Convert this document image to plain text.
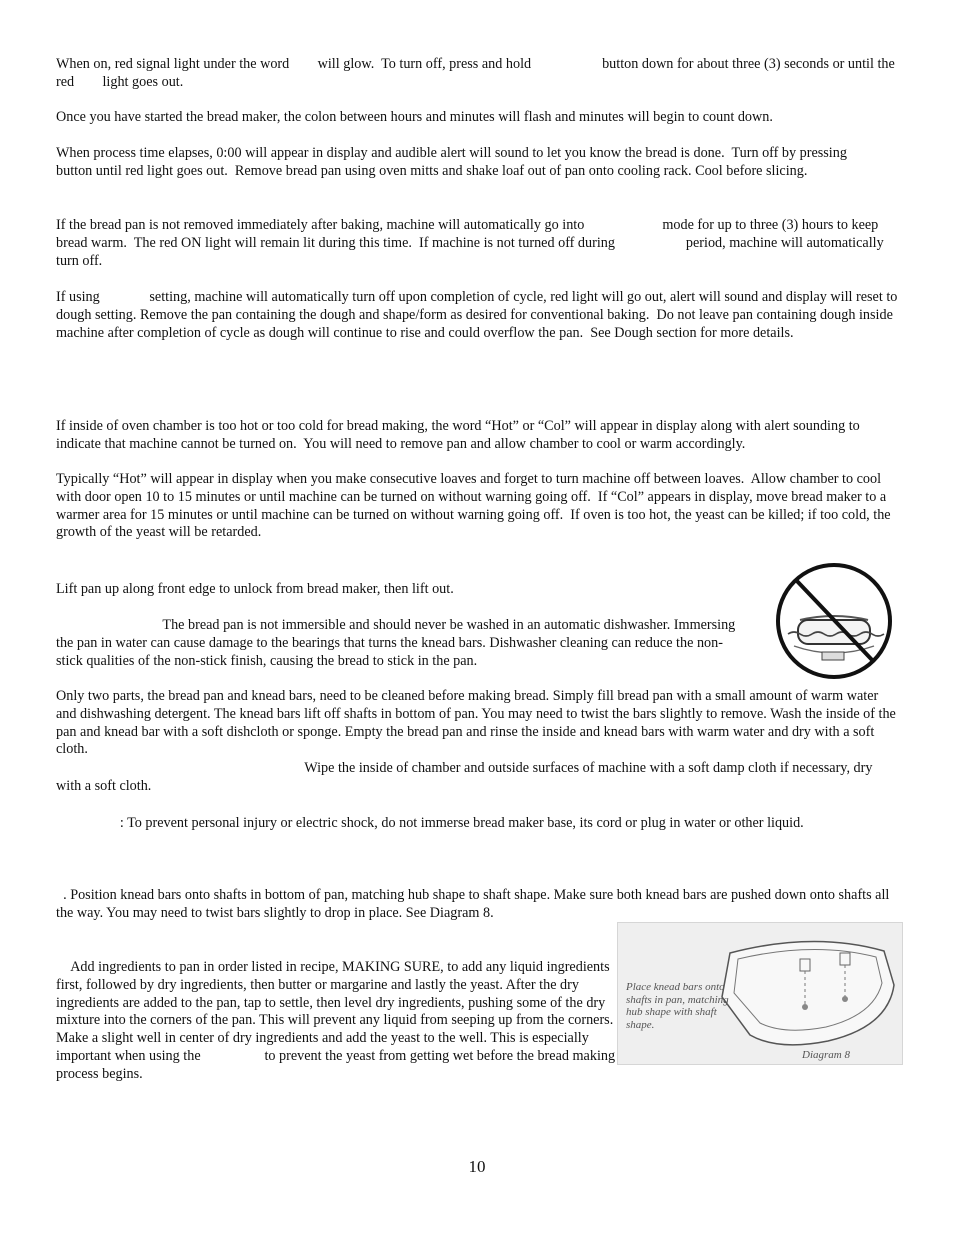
When on, red signal light under the word        will glow.  To turn off, press and hold                    button down for about three (3) seconds or until the red        light goes out.
Once you have started the bread maker, the colon between hours and minutes will flash and minutes will begin to count down.
When process time elapses, 0:00 will appear in display and audible alert will sound to let you know the bread is done.  Turn off by pressing                    button until red light goes out.  Remove bread pan using oven mitts and shake loaf out of pan onto cooling rack. Cool before slicing.
If the bread pan is not removed immediately after baking, machine will automatically go into                      mode for up to three (3) hours to keep bread warm.  The red ON light will remain lit during this time.  If machine is not turned off during                    period, machine will automatically turn off.
If using              setting, machine will automatically turn off upon completion of cycle, red light will go out, alert will sound and display will reset to dough setting. Remove the pan containing the dough and shape/form as desired for conventional baking.  Do not leave pan containing dough inside machine after completion of cycle as dough will continue to rise and could overflow the pan.  See Dough section for more details.
If inside of oven chamber is too hot or too cold for bread making, the word “Hot” or “Col” will appear in display along with alert sounding to indicate that machine cannot be turned on.  You will need to remove pan and allow chamber to cool or warm accordingly.
Typically “Hot” will appear in display when you make consecutive loaves and forget to turn machine off between loaves.  Allow chamber to cool with door open 10 to 15 minutes or until machine can be turned on without warning going off.  If “Col” appears in display, move bread maker to a warmer area for 15 minutes or until machine can be turned on without warning going off.  If oven is too hot, the yeast can be killed; if too cold, the growth of the yeast will be retarded.
Lift pan up along front edge to unlock from bread maker, then lift out.
The bread pan is not immersible and should never be washed in an automatic dishwasher. Immersing the pan in water can cause damage to the bearings that turns the knead bars. Dishwasher cleaning can reduce the non-stick qualities of the non-stick finish, causing the bread to stick in the pan.
Only two parts, the bread pan and knead bars, need to be cleaned before making bread. Simply fill bread pan with a small amount of warm water and dishwashing detergent. The knead bars lift off shafts in bottom of pan. You may need to twist the bars slightly to remove. Wash the inside of the pan and knead bar with a soft dishcloth or sponge. Empty the bread pan and rinse the inside and knead bars with warm water and dry with a soft cloth.
Wipe the inside of chamber and outside surfaces of machine with a soft damp cloth if necessary, dry with a soft cloth.
: To prevent personal injury or electric shock, do not immerse bread maker base, its cord or plug in water or other liquid.
. Position knead bars onto shafts in bottom of pan, matching hub shape to shaft shape. Make sure both knead bars are pushed down onto shafts all the way. You may need to twist bars slightly to drop in place. See Diagram 8.
Place knead bars onto shafts in pan, matching hub shape with shaft shape.
Diagram 8
Add ingredients to pan in order listed in recipe, MAKING SURE, to add any liquid ingredients first, followed by dry ingredients, then butter or margarine and lastly the yeast. After the dry ingredients are added to the pan, tap to settle, then level dry ingredients, pushing some of the dry mixture into the corners of the pan. This will prevent any liquid from seeping up from the corners. Make a slight well in center of dry ingredients and add the yeast to the well. This is especially important when using the                  to prevent the yeast from getting wet before the bread making process begins.
10
